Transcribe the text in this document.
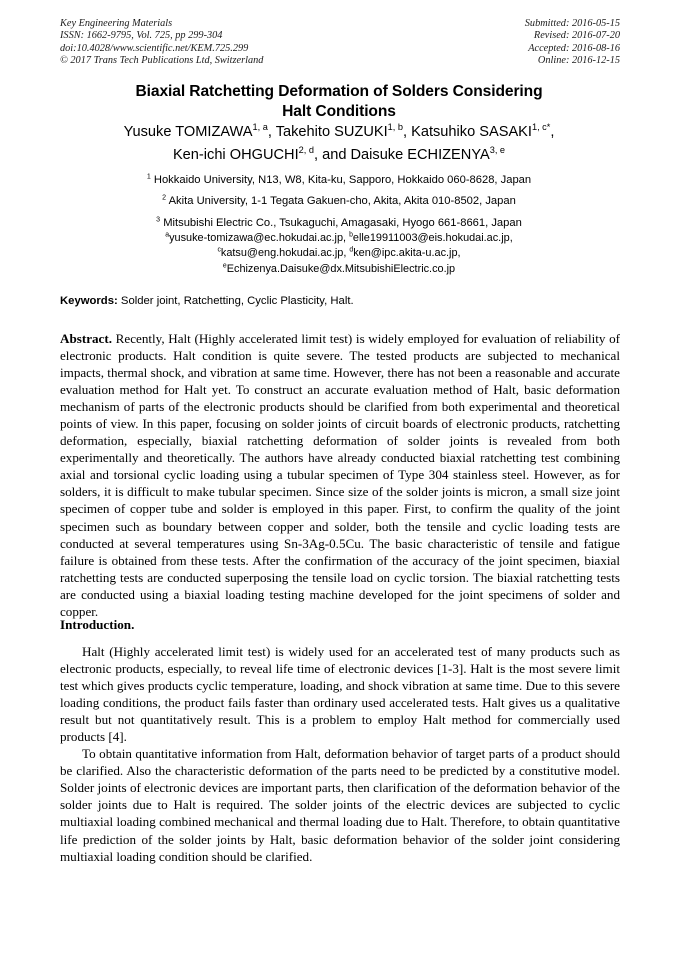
Key Engineering Materials
ISSN: 1662-9795, Vol. 725, pp 299-304
doi:10.4028/www.scientific.net/KEM.725.299
© 2017 Trans Tech Publications Ltd, Switzerland
Submitted: 2016-05-15
Revised: 2016-07-20
Accepted: 2016-08-16
Online: 2016-12-15
Biaxial Ratchetting Deformation of Solders Considering
Halt Conditions
Yusuke TOMIZAWA$^{1, a}$, Takehito SUZUKI$^{1, b}$, Katsuhiko $SASAKI^{1, c*}$,
Ken-ichi OHGUCHI$^{2, d}$, and Daisuke ECHIZENYA$^{3, e}$
$^1$ Hokkaido University, N13, W8, Kita-ku, Sapporo, Hokkaido 060-8628, Japan
$^2$ Akita University, 1-1 Tegata Gakuen-cho, Akita, Akita 010-8502, Japan
$^3$ Mitsubishi Electric Co., Tsukaguchi, Amagasaki, Hyogo 661-8661, Japan
$^a$yusuke-tomizawa@ec.hokudai.ac.jp, $^b$elle19911003@eis.hokudai.ac.jp,
$^c$katsu@eng.hokudai.ac.jp, $^d$ken@ipc.akita-u.ac.jp,
$^e$Echizenya.Daisuke@dx.MitsubishiElectric.co.jp
Keywords: Solder joint, Ratchetting, Cyclic Plasticity, Halt.
Abstract. Recently, Halt (Highly accelerated limit test) is widely employed for evaluation of reliability of electronic products. Halt condition is quite severe. The tested products are subjected to mechanical impacts, thermal shock, and vibration at same time. However, there has not been a reasonable and accurate evaluation method for Halt yet. To construct an accurate evaluation method of Halt, basic deformation mechanism of parts of the electronic products should be clarified from both experimental and theoretical points of view. In this paper, focusing on solder joints of circuit boards of electronic products, ratchetting deformation, especially, biaxial ratchetting deformation of solder joints is revealed from both experimentally and theoretically. The authors have already conducted biaxial ratchetting test combining axial and torsional cyclic loading using a tubular specimen of Type 304 stainless steel. However, as for solders, it is difficult to make tubular specimen. Since size of the solder joints is micron, a small size joint specimen of copper tube and solder is employed in this paper. First, to confirm the quality of the joint specimen such as boundary between copper and solder, both the tensile and cyclic loading tests are conducted at several temperatures using Sn-3Ag-0.5Cu. The basic characteristic of tensile and fatigue failure is obtained from these tests. After the confirmation of the accuracy of the joint specimen, biaxial ratchetting tests are conducted superposing the tensile load on cyclic torsion. The biaxial ratchetting tests are conducted using a biaxial loading testing machine developed for the joint specimens of solder and copper.
Introduction.

Halt (Highly accelerated limit test) is widely used for an accelerated test of many products such as electronic products, especially, to reveal life time of electronic devices [1-3]. Halt is the most severe limit test which gives products cyclic temperature, loading, and shock vibration at same time. Due to this severe loading conditions, the product fails faster than ordinary used accelerated tests. Halt gives us a qualitative result but not quantitatively result. This is a problem to employ Halt method for commercially used products [4].

To obtain quantitative information from Halt, deformation behavior of target parts of a product should be clarified. Also the characteristic deformation of the parts need to be predicted by a constitutive model. Solder joints of electronic devices are important parts, then clarification of the deformation behavior of the solder joints due to Halt is required. The solder joints of the electric devices are subjected to cyclic multiaxial loading combined mechanical and thermal loading due to Halt. Therefore, to obtain quantitative life prediction of the solder joints by Halt, basic deformation behavior of the solder joint considering multiaxial loading condition should be clarified.
